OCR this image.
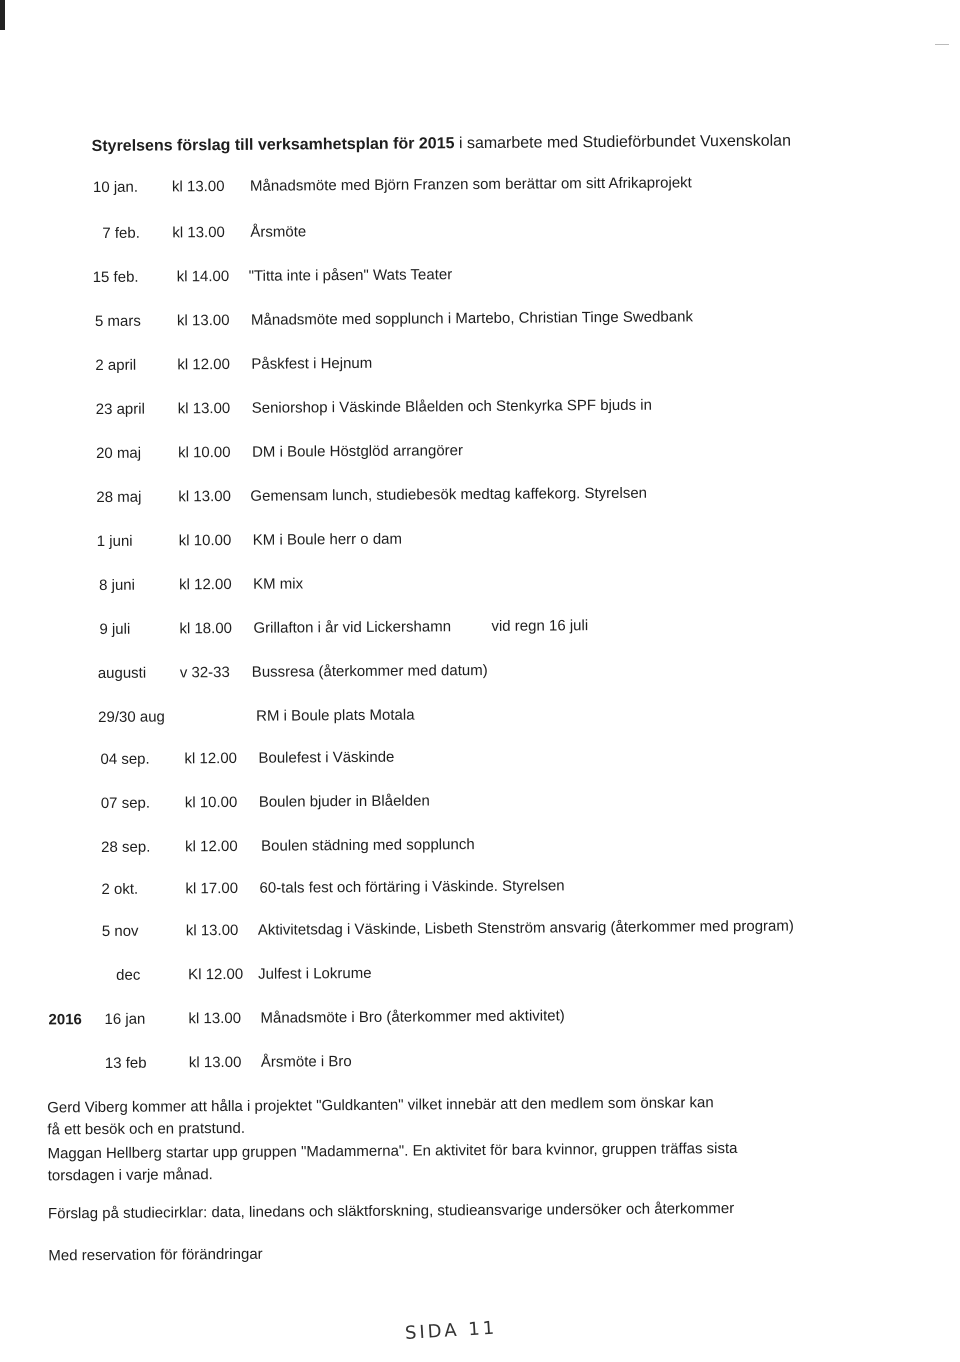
Styrelsens förslag till verksamhetsplan för 2015 i samarbete med Studieförbundet Vuxenskolan
10 jan. kl 13.00 Månadsmöte med Björn Franzen som berättar om sitt Afrikaprojekt
7 feb. kl 13.00 Årsmöte
15 feb.	kl 14.00 "Titta inte i påsen" Wats Teater
5 mars kl 13.00 Månadsmöte med sopplunch i Martebo, Christian Tinge Swedbank
2 april	kl 12.00 Påskfest i Hejnum
23 april kl 13.00 Seniorshop i Väskinde Blåelden och Stenkyrka SPF bjuds in
20 maj kl 10.00 DM i Boule Höstglöd arrangörer
28 maj kl 13.00 Gemensam lunch, studiebesök medtag kaffekorg. Styrelsen
1 juni	kl 10.00 KM i Boule herr o dam
8 juni	kl 12.00 KM mix
9 juli	kl 18.00 Grillafton i år vid Lickershamn	vid regn 16 juli
augusti v 32-33 Bussresa (återkommer med datum)
29/30 aug	RM i Boule plats Motala
04 sep. kl 12.00 Boulefest i Väskinde
07 sep. kl 10.00 Boulen bjuder in Blåelden
28 sep. kl 12.00 Boulen städning med sopplunch
2 okt.	kl 17.00 60-tals fest och förtäring i Väskinde. Styrelsen
5 nov	kl 13.00 Aktivitetsdag i Väskinde, Lisbeth Stenström ansvarig (återkommer med program)
dec	Kl 12.00 Julfest i Lokrume
2016 16 jan	kl 13.00 Månadsmöte i Bro (återkommer med aktivitet)
13 feb	kl 13.00 Årsmöte i Bro
Gerd Viberg kommer att hålla i projektet "Guldkanten" vilket innebär att den medlem som önskar kan
få ett besök och en pratstund.
Maggan Hellberg startar upp gruppen "Madammerna". En aktivitet för bara kvinnor, gruppen träffas sista
torsdagen i varje månad.
Förslag på studiecirklar: data, linedans och släktforskning, studieansvarige undersöker och återkommer
Med reservation för förändringar
SIDA 11
